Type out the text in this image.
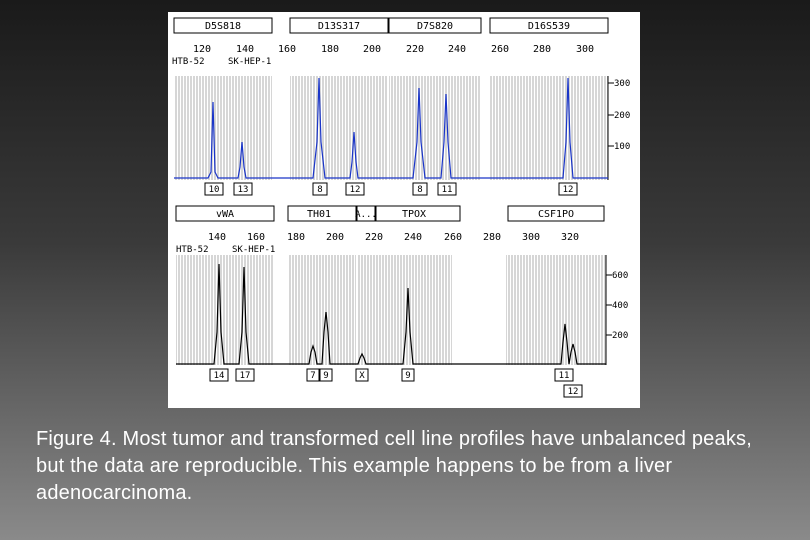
D5S818	D13S317	D7S820	D16S539
120 140 160 180 200 220 240 260 280 300
HTB-52	SK-HEP-1
300
200
100
10 13	8	12	8 11	12
vWA	TH01	A...	TPOX	CSF1PO
140 160 180 200 220 240 260 280 300 320
HTB-52	SK-HEP-1
600
400
200
14 17	7 9	X	9	11
12
Figure 4. Most tumor and transformed cell line profiles have unbalanced peaks, but the data are reproducible. This example happens to be from a liver adenocarcinoma.
